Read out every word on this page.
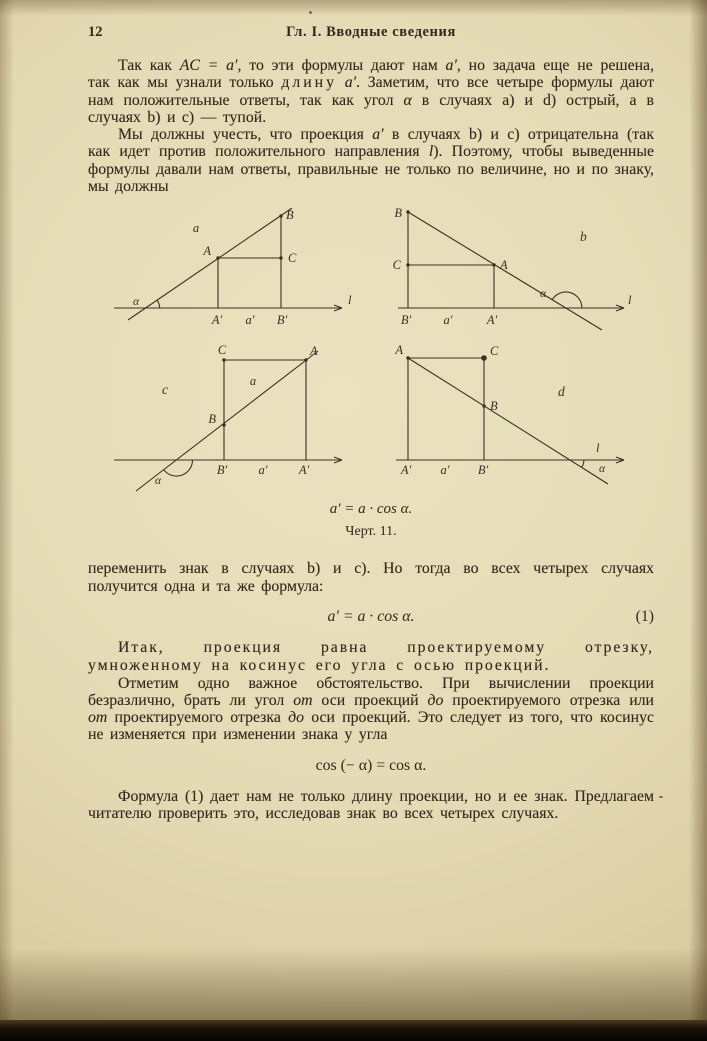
12	Гл. I. Вводные сведения

Так как AC = a′, то эти формулы дают нам a′, но задача еще не решена, так как мы узнали только длину a′. Заметим, что все четыре формулы дают нам положительные ответы, так как угол α в случаях a) и d) острый, а в случаях b) и c) — тупой.

Мы должны учесть, что проекция a′ в случаях b) и c) отрицательна (так как идет против положительного направления l). Поэтому, чтобы выведенные формулы давали нам ответы, правильные не только по величине, но и по знаку, мы должны

a
B
A	C
A′ a′ B′
l
α
B
b
C	A
B′	a′	A′
l
α
c
a
C	A
B
B′	a′	A′
α
A	C
B
d
A′ a′ B′
l
α
a′ = a · cos α.
Черт. 11.

переменить знак в случаях b) и c). Но тогда во всех четырех случаях получится одна и та же формула:

a′ = a · cos α.	(1)

Итак, проекция равна проектируемому отрезку, умноженному на косинус его угла с осью проекций.

Отметим одно важное обстоятельство. При вычислении проекции безразлично, брать ли угол от оси проекций до проектируемого отрезка или от проектируемого отрезка до оси проекций. Это следует из того, что косинус не изменяется при изменении знака у угла

cos (− α) = cos α.

Формула (1) дает нам не только длину проекции, но и ее знак. Предлагаем читателю проверить это, исследовав знак во всех четырех случаях.
